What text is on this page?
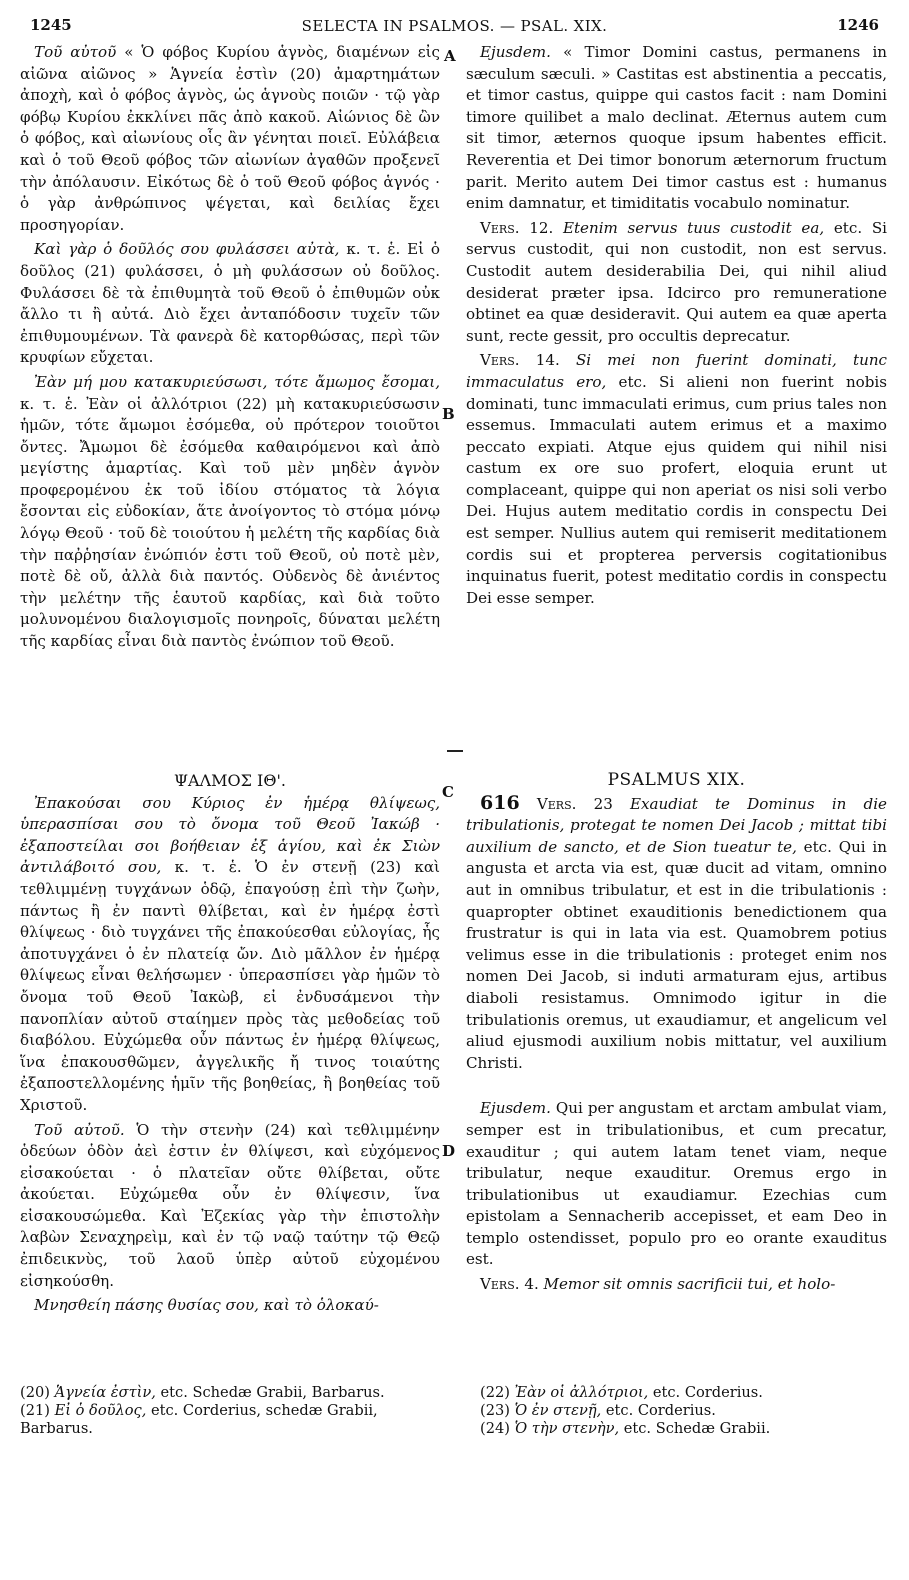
1245	SELECTA IN PSALMOS. — PSAL. XIX.	1246
A
B
C
D

Τοῦ αὐτοῦ « Ὁ φόβος Κυρίου ἁγνὸς, διαμένων εἰς αἰῶνα αἰῶνος » Ἁγνεία ἐστὶν (20) ἀμαρτημάτων ἀποχὴ, καὶ ὁ φόβος ἁγνὸς, ὡς ἁγνοὺς ποιῶν · τῷ γὰρ φόβῳ Κυρίου ἐκκλίνει πᾶς ἀπὸ κακοῦ. Αἰώνιος δὲ ὢν ὁ φόβος, καὶ αἰωνίους οἷς ἂν γένηται ποιεῖ. Εὐλάβεια καὶ ὁ τοῦ Θεοῦ φόβος τῶν αἰωνίων ἀγαθῶν προξενεῖ τὴν ἀπόλαυσιν. Εἰκότως δὲ ὁ τοῦ Θεοῦ φόβος ἁγνός · ὁ γὰρ ἀνθρώπινος ψέγεται, καὶ δειλίας ἔχει προσηγορίαν.

Καὶ γὰρ ὁ δοῦλός σου φυλάσσει αὐτὰ, κ. τ. ἑ. Εἰ ὁ δοῦλος (21) φυλάσσει, ὁ μὴ φυλάσσων οὐ δοῦλος. Φυλάσσει δὲ τὰ ἐπιθυμητὰ τοῦ Θεοῦ ὁ ἐπιθυμῶν οὐκ ἄλλο τι ἢ αὐτά. Διὸ ἔχει ἀνταπόδοσιν τυχεῖν τῶν ἐπιθυμουμένων. Τὰ φανερὰ δὲ κατορθώσας, περὶ τῶν κρυφίων εὔχεται.

Ἐὰν μή μου κατακυριεύσωσι, τότε ἄμωμος ἔσομαι, κ. τ. ἑ. Ἐὰν οἱ ἀλλότριοι (22) μὴ κατακυριεύσωσιν ἡμῶν, τότε ἄμωμοι ἐσόμεθα, οὐ πρότερον τοιοῦτοι ὄντες. Ἄμωμοι δὲ ἐσόμεθα καθαιρόμενοι καὶ ἀπὸ μεγίστης ἁμαρτίας. Καὶ τοῦ μὲν μηδὲν ἁγνὸν προφερομένου ἐκ τοῦ ἰδίου στόματος τὰ λόγια ἔσονται εἰς εὐδοκίαν, ἅτε ἀνοίγοντος τὸ στόμα μόνῳ λόγῳ Θεοῦ · τοῦ δὲ τοιούτου ἡ μελέτη τῆς καρδίας διὰ τὴν παῤῥησίαν ἐνώπιόν ἐστι τοῦ Θεοῦ, οὐ ποτὲ μὲν, ποτὲ δὲ οὔ, ἀλλὰ διὰ παντός. Οὐδενὸς δὲ ἀνιέντος τὴν μελέτην τῆς ἑαυτοῦ καρδίας, καὶ διὰ τοῦτο μολυνομένου διαλογισμοῖς πονηροῖς, δύναται μελέτη τῆς καρδίας εἶναι διὰ παντὸς ἐνώπιον τοῦ Θεοῦ.

Ejusdem. « Timor Domini castus, permanens in sæculum sæculi. » Castitas est abstinentia a peccatis, et timor castus, quippe qui castos facit : nam Domini timore quilibet a malo declinat. Æternus autem cum sit timor, æternos quoque ipsum habentes efficit. Reverentia et Dei timor bonorum æternorum fructum parit. Merito autem Dei timor castus est : humanus enim damnatur, et timiditatis vocabulo nominatur.

Vers. 12. Etenim servus tuus custodit ea, etc. Si servus custodit, qui non custodit, non est servus. Custodit autem desiderabilia Dei, qui nihil aliud desiderat præter ipsa. Idcirco pro remuneratione obtinet ea quæ desideravit. Qui autem ea quæ aperta sunt, recte gessit, pro occultis deprecatur.

Vers. 14. Si mei non fuerint dominati, tunc immaculatus ero, etc. Si alieni non fuerint nobis dominati, tunc immaculati erimus, cum prius tales non essemus. Immaculati autem erimus et a maximo peccato expiati. Atque ejus quidem qui nihil nisi castum ex ore suo profert, eloquia erunt ut complaceant, quippe qui non aperiat os nisi soli verbo Dei. Hujus autem meditatio cordis in conspectu Dei est semper. Nullius autem qui remiserit meditationem cordis sui et propterea perversis cogitationibus inquinatus fuerit, potest meditatio cordis in conspectu Dei esse semper.

ΨΑΛΜΟΣ ΙΘ'.

Ἐπακούσαι σου Κύριος ἐν ἡμέρᾳ θλίψεως, ὑπερασπίσαι σου τὸ ὄνομα τοῦ Θεοῦ Ἰακώβ · ἐξαποστείλαι σοι βοήθειαν ἐξ ἁγίου, καὶ ἐκ Σιὼν ἀντιλάβοιτό σου, κ. τ. ἑ. Ὁ ἐν στενῇ (23) καὶ τεθλιμμένῃ τυγχάνων ὁδῷ, ἐπαγούσῃ ἐπὶ τὴν ζωὴν, πάντως ἢ ἐν παντὶ θλίβεται, καὶ ἐν ἡμέρᾳ ἐστὶ θλίψεως · διὸ τυγχάνει τῆς ἐπακούεσθαι εὐλογίας, ἧς ἀποτυγχάνει ὁ ἐν πλατείᾳ ὤν. Διὸ μᾶλλον ἐν ἡμέρᾳ θλίψεως εἶναι θελήσωμεν · ὑπερασπίσει γὰρ ἡμῶν τὸ ὄνομα τοῦ Θεοῦ Ἰακὼβ, εἰ ἐνδυσάμενοι τὴν πανοπλίαν αὐτοῦ σταίημεν πρὸς τὰς μεθοδείας τοῦ διαβόλου. Εὐχώμεθα οὖν πάντως ἐν ἡμέρᾳ θλίψεως, ἵνα ἐπακουσθῶμεν, ἀγγελικῆς ἤ τινος τοιαύτης ἐξαποστελλομένης ἡμῖν τῆς βοηθείας, ἢ βοηθείας τοῦ Χριστοῦ.

Τοῦ αὐτοῦ. Ὁ τὴν στενὴν (24) καὶ τεθλιμμένην ὁδεύων ὁδὸν ἀεὶ ἐστιν ἐν θλίψεσι, καὶ εὐχόμενος εἰσακούεται · ὁ πλατεῖαν οὔτε θλίβεται, οὔτε ἀκούεται. Εὐχώμεθα οὖν ἐν θλίψεσιν, ἵνα εἰσακουσώμεθα. Καὶ Ἐζεκίας γὰρ τὴν ἐπιστολὴν λαβὼν Σεναχηρεὶμ, καὶ ἐν τῷ ναῷ ταύτην τῷ Θεῷ ἐπιδεικνὺς, τοῦ λαοῦ ὑπὲρ αὐτοῦ εὐχομένου εἰσηκούσθη.

Μνησθείη πάσης θυσίας σου, καὶ τὸ ὁλοκαύ-

PSALMUS XIX.

616 Vers. 23 Exaudiat te Dominus in die tribulationis, protegat te nomen Dei Jacob ; mittat tibi auxilium de sancto, et de Sion tueatur te, etc. Qui in angusta et arcta via est, quæ ducit ad vitam, omnino aut in omnibus tribulatur, et est in die tribulationis : quapropter obtinet exauditionis benedictionem qua frustratur is qui in lata via est. Quamobrem potius velimus esse in die tribulationis : proteget enim nos nomen Dei Jacob, si induti armaturam ejus, artibus diaboli resistamus. Omnimodo igitur in die tribulationis oremus, ut exaudiamur, et angelicum vel aliud ejusmodi auxilium nobis mittatur, vel auxilium Christi.

Ejusdem. Qui per angustam et arctam ambulat viam, semper est in tribulationibus, et cum precatur, exauditur ; qui autem latam tenet viam, neque tribulatur, neque exauditur. Oremus ergo in tribulationibus ut exaudiamur. Ezechias cum epistolam a Sennacherib accepisset, et eam Deo in templo ostendisset, populo pro eo orante exauditus est.

Vers. 4. Memor sit omnis sacrificii tui, et holo-

(20) Ἁγνεία ἐστὶν, etc. Schedæ Grabii, Barbarus.

(21) Εἰ ὁ δοῦλος, etc. Corderius, schedæ Grabii, Barbarus.

(22) Ἐὰν οἱ ἀλλότριοι, etc. Corderius.

(23) Ὁ ἐν στενῇ, etc. Corderius.

(24) Ὁ τὴν στενὴν, etc. Schedæ Grabii.
